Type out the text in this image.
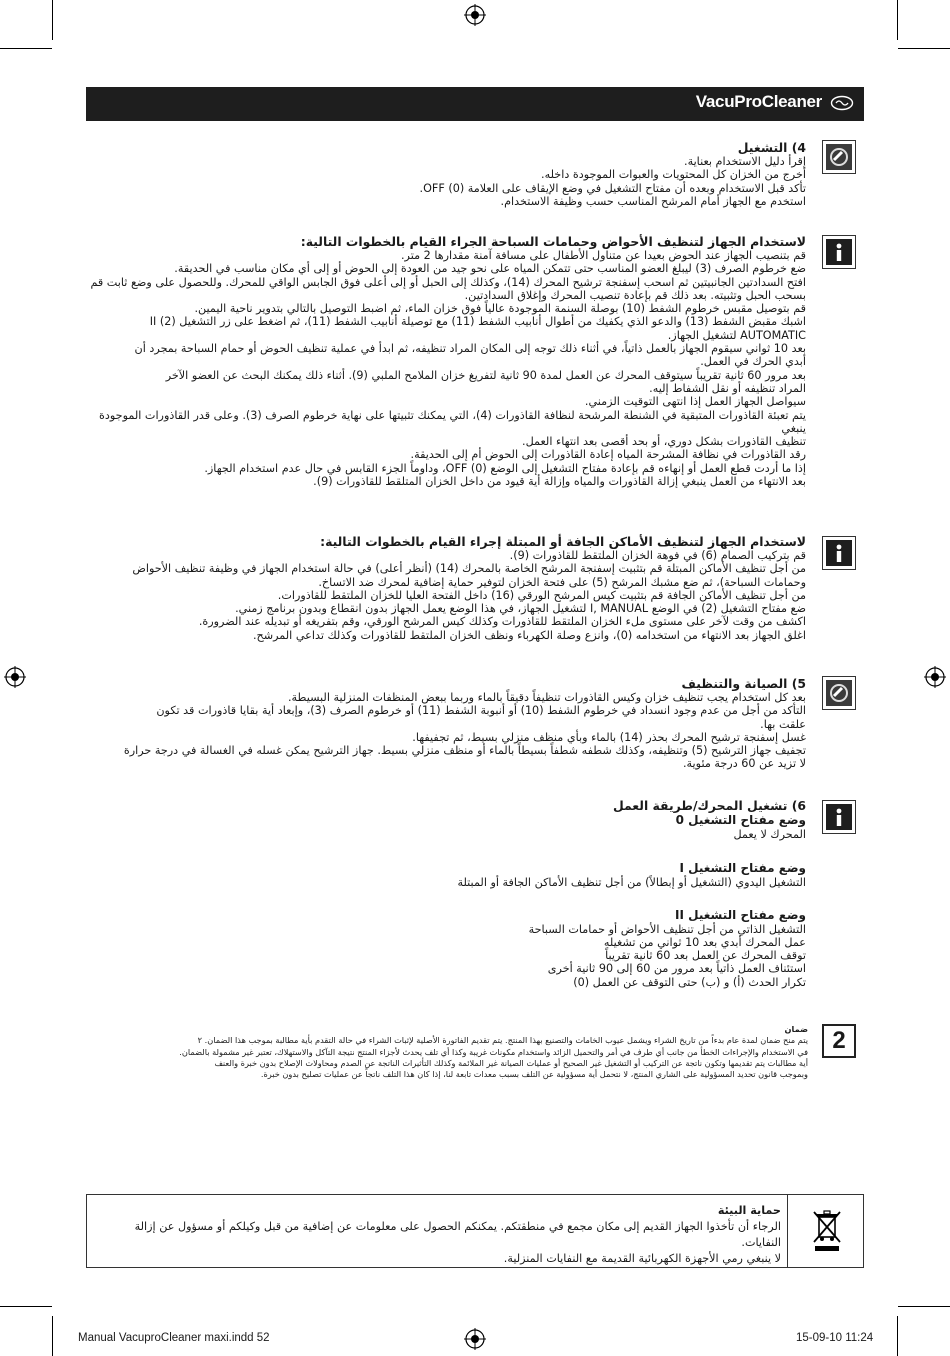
VacuProCleaner
4) التشغيل

إقرأ دليل الاستخدام بعناية.

أخرج من الخزان كل المحتويات والعبوات الموجودة داخله.

تأكد قبل الاستخدام وبعده أن مفتاح التشغيل في وضع الإيقاف على العلامة (0) OFF.

استخدم مع الجهاز أمام المرشح المناسب حسب وظيفة الاستخدام.

لاستخدام الجهاز لتنظيف الأحواض وحمامات السباحة الجراء القيام بالخطوات التالية:

قم بتنصيب الجهاز عند الحوض بعيدا عن متناول الأطفال على مسافة آمنة مقدارها 2 متر.

ضع خرطوم الصرف (3) ليبلغ العضو المناسب حتى تتمكن المياه على نحو جيد من العودة إلى الحوض أو إلى أي مكان مناسب في الحديقة.

افتح السدادتين الجانبيتين ثم اسحب إسفنجة ترشيح المحرك (14)، وكذلك إلى الحبل أو إلى أعلى فوق الجابس الواقي للمحرك. وللحصول على وضع ثابت قم

بسحب الحبل وتثبيته. بعد ذلك قم بإعادة تنصيب المحرك وإغلاق السدادتين.

قم بتوصيل مقبس خرطوم الشفط (10) بوصلة السنمة الموجودة عالياً فوق خزان الماء، ثم اضبط التوصيل بالتالي بتدوير ناحية اليمين.

اشبك مقبض الشفط (13) والدعو الذي يكفيك من أطوال أنابيب الشفط (11) مع توصيلة أنابيب الشفط (11)، ثم اضغط على زر التشغيل (2) II

AUTOMATIC لتشغيل الجهاز.

بعد 10 ثواني سيقوم الجهاز بالعمل ذاتياً، في أثناء ذلك توجه إلى المكان المراد تنظيفه، ثم ابدأ في عملية تنظيف الحوض أو حمام السباحة بمجرد أن

أبدي الحرك في العمل.

بعد مرور 60 ثانية تقريباً سيتوقف المحرك عن العمل لمدة 90 ثانية لتفريغ خزان الملامح الملبي (9). أثناء ذلك يمكنك البحث عن العضو الآخر

المراد تنظيفه أو نقل الشفاط إليه.

سيواصل الجهاز العمل إذا انتهى التوقيت الزمني.

يتم تعبئة القاذورات المتبقية في الشنطة المرشحة لنظافة القاذورات (4)، التي يمكنك تثبيتها على نهاية خرطوم الصرف (3). وعلى قدر القاذورات الموجودة ينبغي

تنظيف القاذورات بشكل دوري، أو بحد أقصى بعد انتهاء العمل.

رقد القاذورات في نظافة المشرحة المياه إعادة القاذورات إلى الحوض أم إلى الحديقة.

إذا ما أردت قطع العمل أو إنهاءه قم بإعادة مفتاح التشغيل إلى الوضع (0) OFF، وداوماً الجزء القابس في حال عدم استخدام الجهاز.

بعد الانتهاء من العمل ينبغي إزالة القاذورات والمياه وإزالة أية قيود من داخل الخزان المتلقط للقاذورات (9).

لاستخدام الجهاز لتنظيف الأماكن الجافة أو المبتلة إجراء القيام بالخطوات التالية:

قم بتركيب الصمام (6) في فوهة الخزان الملتقط للقاذورات (9).

من أجل تنظيف الأماكن المبتلة قم بتثبيت إسفنجة المرشح الخاصة بالمحرك (14) (أنظر أعلى) في حالة استخدام الجهاز في وظيفة تنظيف الأحواض

وحمامات السباحة)، ثم ضع مشبك المرشح (5) على فتحة الخزان لتوفير حماية إضافية لمحرك ضد الاتساخ.

من أجل تنظيف الأماكن الجافة قم بتثبيت كيس المرشح الورقي (16) داخل الفتحة العليا للخزان الملتقط للقاذورات.

ضع مفتاح التشغيل (2) في الوضع I, MANUAL لتشغيل الجهاز، في هذا الوضع يعمل الجهاز بدون انقطاع وبدون برنامج زمني.

اكشف من وقت لآخر على مستوى ملء الخزان الملتقط للقاذورات وكذلك كيس المرشح الورقي، وقم بتفريغه أو تبديله عند الضرورة.

اغلق الجهاز بعد الانتهاء من استخدامه (0)، وانزع وصلة الكهرباء ونظف الخزان الملتقط للقاذورات وكذلك تداعي المرشح.

5) الصيانة والتنظيف

بعد كل استخدام يجب تنظيف خزان وكيس القاذورات تنظيفاً دقيقاً بالماء وربما ببعض المنظفات المنزلية البسيطة.

التأكد من أجل من عدم وجود انسداد في خرطوم الشفط (10) أو أنبوبة الشفط (11) أو خرطوم الصرف (3)، وإبعاد أية بقايا قاذورات قد تكون

علقت بها.

غسل إسفنجة ترشيح المحرك بحذر (14) بالماء وبأي منظف منزلي بسيط، ثم تجفيفها.

تجفيف جهاز الترشيح (5) وتنظيفه، وكذلك شطفه شطفاً بسيطاً بالماء أو منظف منزلي بسيط. جهاز الترشيح يمكن غسله في الغسالة في درجة حرارة

لا تزيد عن 60 درجة مئوية.

6) تشغيل المحرك/طريقة العمل
وضع مفتاح التشغيل 0

المحرك لا يعمل

وضع مفتاح التشغيل I

التشغيل اليدوي (التشغيل أو إبطالاً) من أجل تنظيف الأماكن الجافة أو المبتلة

وضع مفتاح التشغيل II

التشغيل الذاتي من أجل تنظيف الأحواض أو حمامات السباحة

عمل المحرك أبدي بعد 10 ثواني من تشغيله

توقف المحرك عن العمل بعد 60 ثانية تقريباً

استئناف العمل ذاتياً بعد مرور من 60 إلى 90 ثانية أخرى

تكرار الحدث (أ) و (ب) حتى التوقف عن العمل (0)

2

ضمان

يتم منح ضمان لمدة عام بدءاً من تاريخ الشراء ويشمل عيوب الخامات والتصنيع بهذا المنتج. يتم تقديم الفاتورة الأصلية لإثبات الشراء في حالة التقدم بأية مطالبة بموجب هذا الضمان. ٢

في الاستخدام والإجراءات الخطأ من جانب أي طرف في أمر والتحميل الزائد واستخدام مكونات غريبة وكذا أي تلف يحدث لأجزاء المنتج نتيجة التآكل والاستهلاك، تعتبر غير مشمولة بالضمان.

أية مطالبات يتم تقديمها وتكون ناتجة عن التركيب أو التشغيل غير الصحيح أو عمليات الصيانة غير الملائمة وكذلك التأثيرات الناتجة عن الصدم ومحاولات الإصلاح بدون خبرة والعنف

وبموجب قانون تحديد المسؤولية على الشاري المنتج، لا نتحمل أية مسؤولية عن التلف بسبب معدات تابعة لنا، إذا كان هذا التلف ناتجاً عن عمليات تصليح بدون خبرة.

حماية البيئة

الرجاء أن تأخذوا الجهاز القديم إلى مكان مجمع في منطقتكم. يمكنكم الحصول على معلومات عن إضافية من قبل وكيلكم أو مسؤول عن إزالة النفايات.

لا ينبغي رمي الأجهزة الكهربائية القديمة مع النفايات المنزلية.

Manual VacuproCleaner maxi.indd 52	15-09-10 11:24
